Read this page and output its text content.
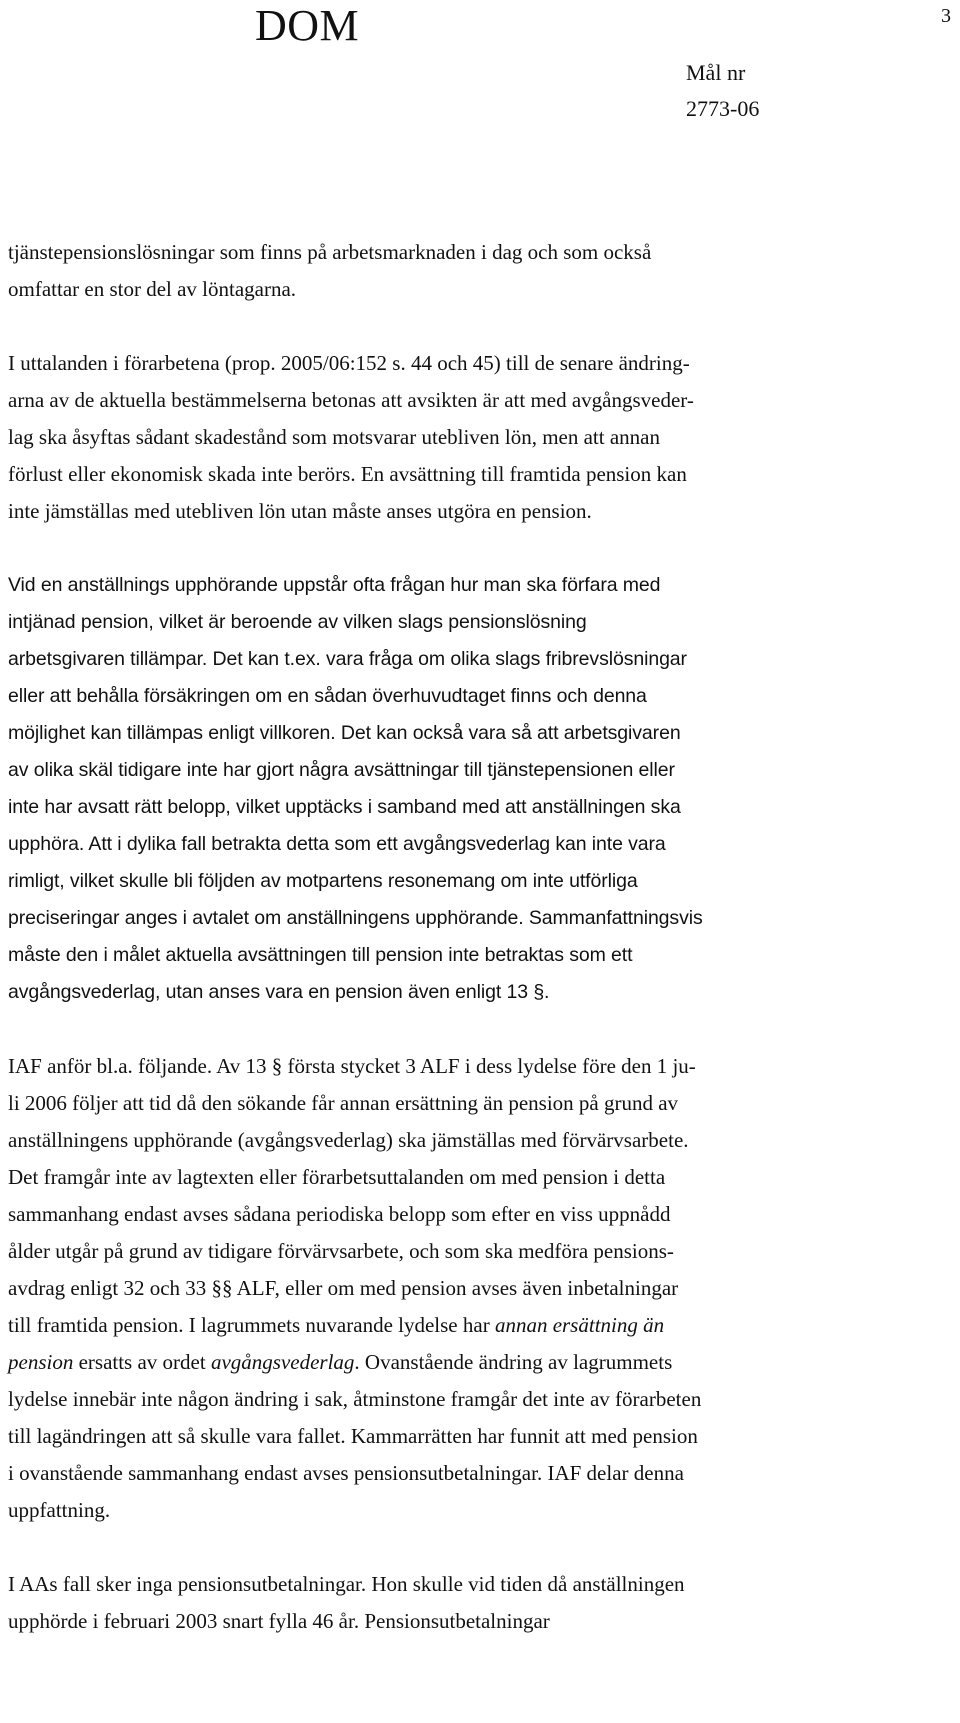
DOM	3
Mål nr
2773-06
tjänstepensionslösningar som finns på arbetsmarknaden i dag och som också
omfattar en stor del av löntagarna.
I uttalanden i förarbetena (prop. 2005/06:152 s. 44 och 45) till de senare ändring-
arna av de aktuella bestämmelserna betonas att avsikten är att med avgångsveder-
lag ska åsyftas sådant skadestånd som motsvarar utebliven lön, men att annan
förlust eller ekonomisk skada inte berörs. En avsättning till framtida pension kan
inte jämställas med utebliven lön utan måste anses utgöra en pension.
Vid en anställnings upphörande uppstår ofta frågan hur man ska förfara med
intjänad pension, vilket är beroende av vilken slags pensionslösning
arbetsgivaren tillämpar. Det kan t.ex. vara fråga om olika slags fribrevslösningar
eller att behålla försäkringen om en sådan överhuvudtaget finns och denna
möjlighet kan tillämpas enligt villkoren. Det kan också vara så att arbetsgivaren
av olika skäl tidigare inte har gjort några avsättningar till tjänstepensionen eller
inte har avsatt rätt belopp, vilket upptäcks i samband med att anställningen ska
upphöra. Att i dylika fall betrakta detta som ett avgångsvederlag kan inte vara
rimligt, vilket skulle bli följden av motpartens resonemang om inte utförliga
preciseringar anges i avtalet om anställningens upphörande. Sammanfattningsvis
måste den i målet aktuella avsättningen till pension inte betraktas som ett
avgångsvederlag, utan anses vara en pension även enligt 13 §.
IAF anför bl.a. följande. Av 13 § första stycket 3 ALF i dess lydelse före den 1 ju-
li 2006 följer att tid då den sökande får annan ersättning än pension på grund av
anställningens upphörande (avgångsvederlag) ska jämställas med förvärvsarbete.
Det framgår inte av lagtexten eller förarbetsuttalanden om med pension i detta
sammanhang endast avses sådana periodiska belopp som efter en viss uppnådd
ålder utgår på grund av tidigare förvärvsarbete, och som ska medföra pensions-
avdrag enligt 32 och 33 §§ ALF, eller om med pension avses även inbetalningar
till framtida pension. I lagrummets nuvarande lydelse har annan ersättning än
pension ersatts av ordet avgångsvederlag. Ovanstående ändring av lagrummets
lydelse innebär inte någon ändring i sak, åtminstone framgår det inte av förarbeten
till lagändringen att så skulle vara fallet. Kammarrätten har funnit att med pension
i ovanstående sammanhang endast avses pensionsutbetalningar. IAF delar denna
uppfattning.
I AAs fall sker inga pensionsutbetalningar. Hon skulle vid tiden då anställningen
upphörde i februari 2003 snart fylla 46 år. Pensionsutbetalningar
